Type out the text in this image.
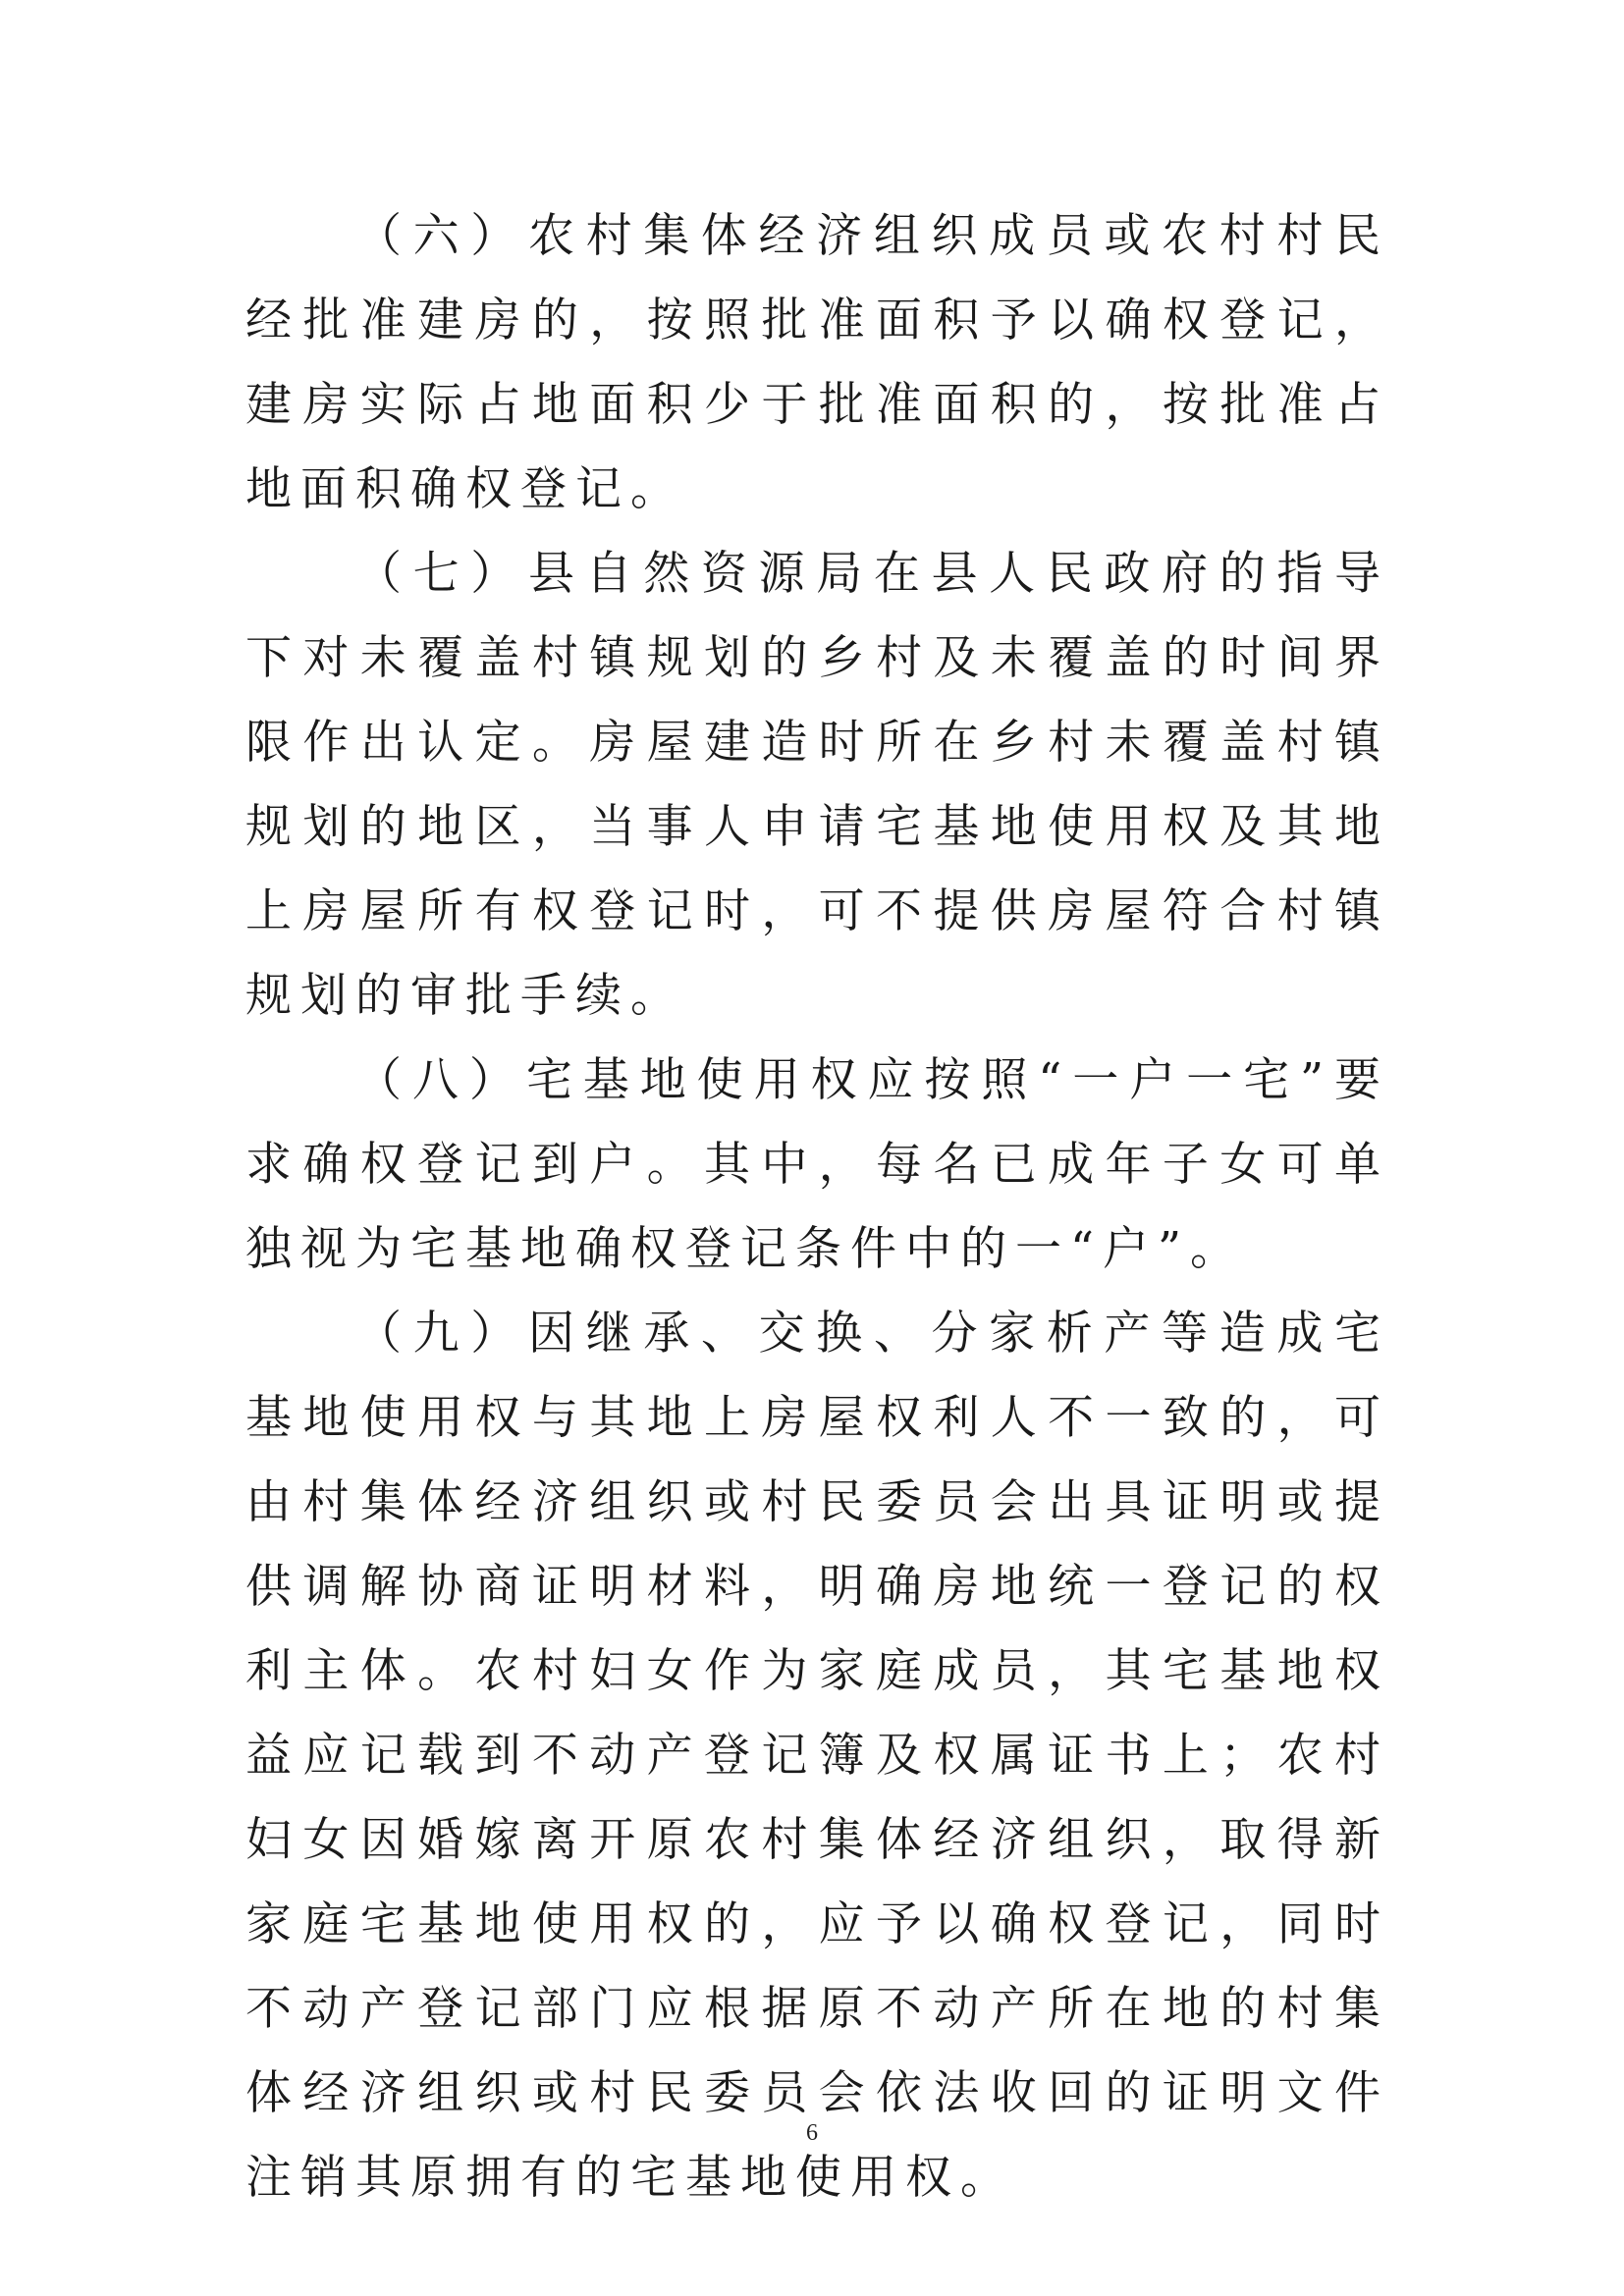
（六）农村集体经济组织成员或农村村民经批准建房的，按照批准面积予以确权登记，建房实际占地面积少于批准面积的，按批准占地面积确权登记。

（七）县自然资源局在县人民政府的指导下对未覆盖村镇规划的乡村及未覆盖的时间界限作出认定。房屋建造时所在乡村未覆盖村镇规划的地区，当事人申请宅基地使用权及其地上房屋所有权登记时，可不提供房屋符合村镇规划的审批手续。

（八）宅基地使用权应按照“一户一宅”要求确权登记到户。其中，每名已成年子女可单独视为宅基地确权登记条件中的一“户”。

（九）因继承、交换、分家析产等造成宅基地使用权与其地上房屋权利人不一致的，可由村集体经济组织或村民委员会出具证明或提供调解协商证明材料，明确房地统一登记的权利主体。农村妇女作为家庭成员，其宅基地权益应记载到不动产登记簿及权属证书上；农村妇女因婚嫁离开原农村集体经济组织，取得新家庭宅基地使用权的，应予以确权登记，同时不动产登记部门应根据原不动产所在地的村集体经济组织或村民委员会依法收回的证明文件注销其原拥有的宅基地使用权。

6
